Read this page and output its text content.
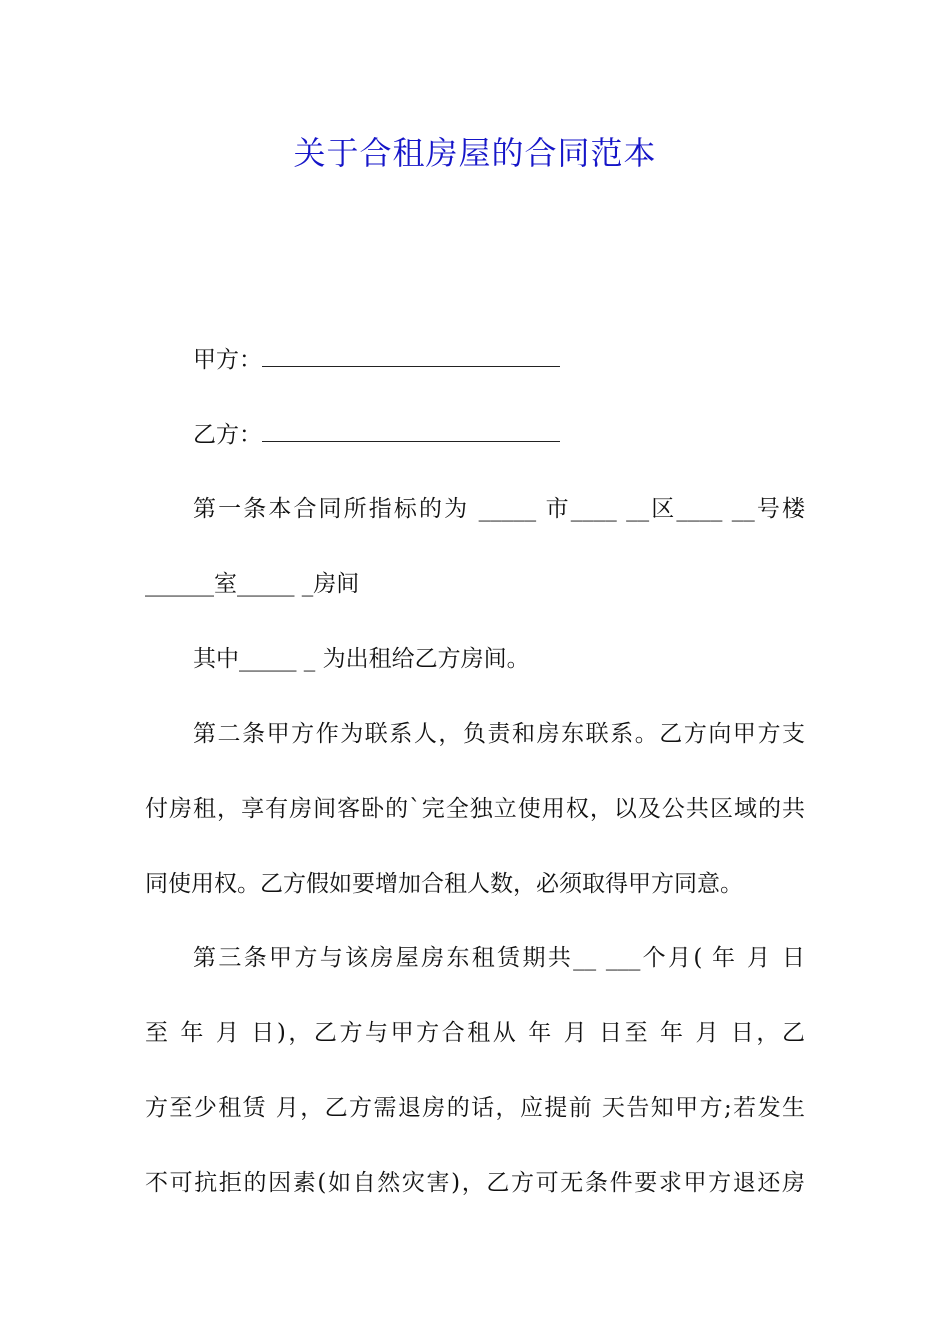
关于合租房屋的合同范本
甲方：
乙方：
第一条本合同所指标的为 _____ 市____ __区____ __号楼
______室_____ _房间
其中_____ _ 为出租给乙方房间。
第二条甲方作为联系人，负责和房东联系。乙方向甲方支
付房租，享有房间客卧的`完全独立使用权，以及公共区域的共
同使用权。乙方假如要增加合租人数，必须取得甲方同意。
第三条甲方与该房屋房东租赁期共__ ___个月( 年 月 日
至 年 月 日)，乙方与甲方合租从 年 月 日至 年 月 日，乙
方至少租赁 月，乙方需退房的话，应提前 天告知甲方;若发生
不可抗拒的因素(如自然灾害)，乙方可无条件要求甲方退还房
